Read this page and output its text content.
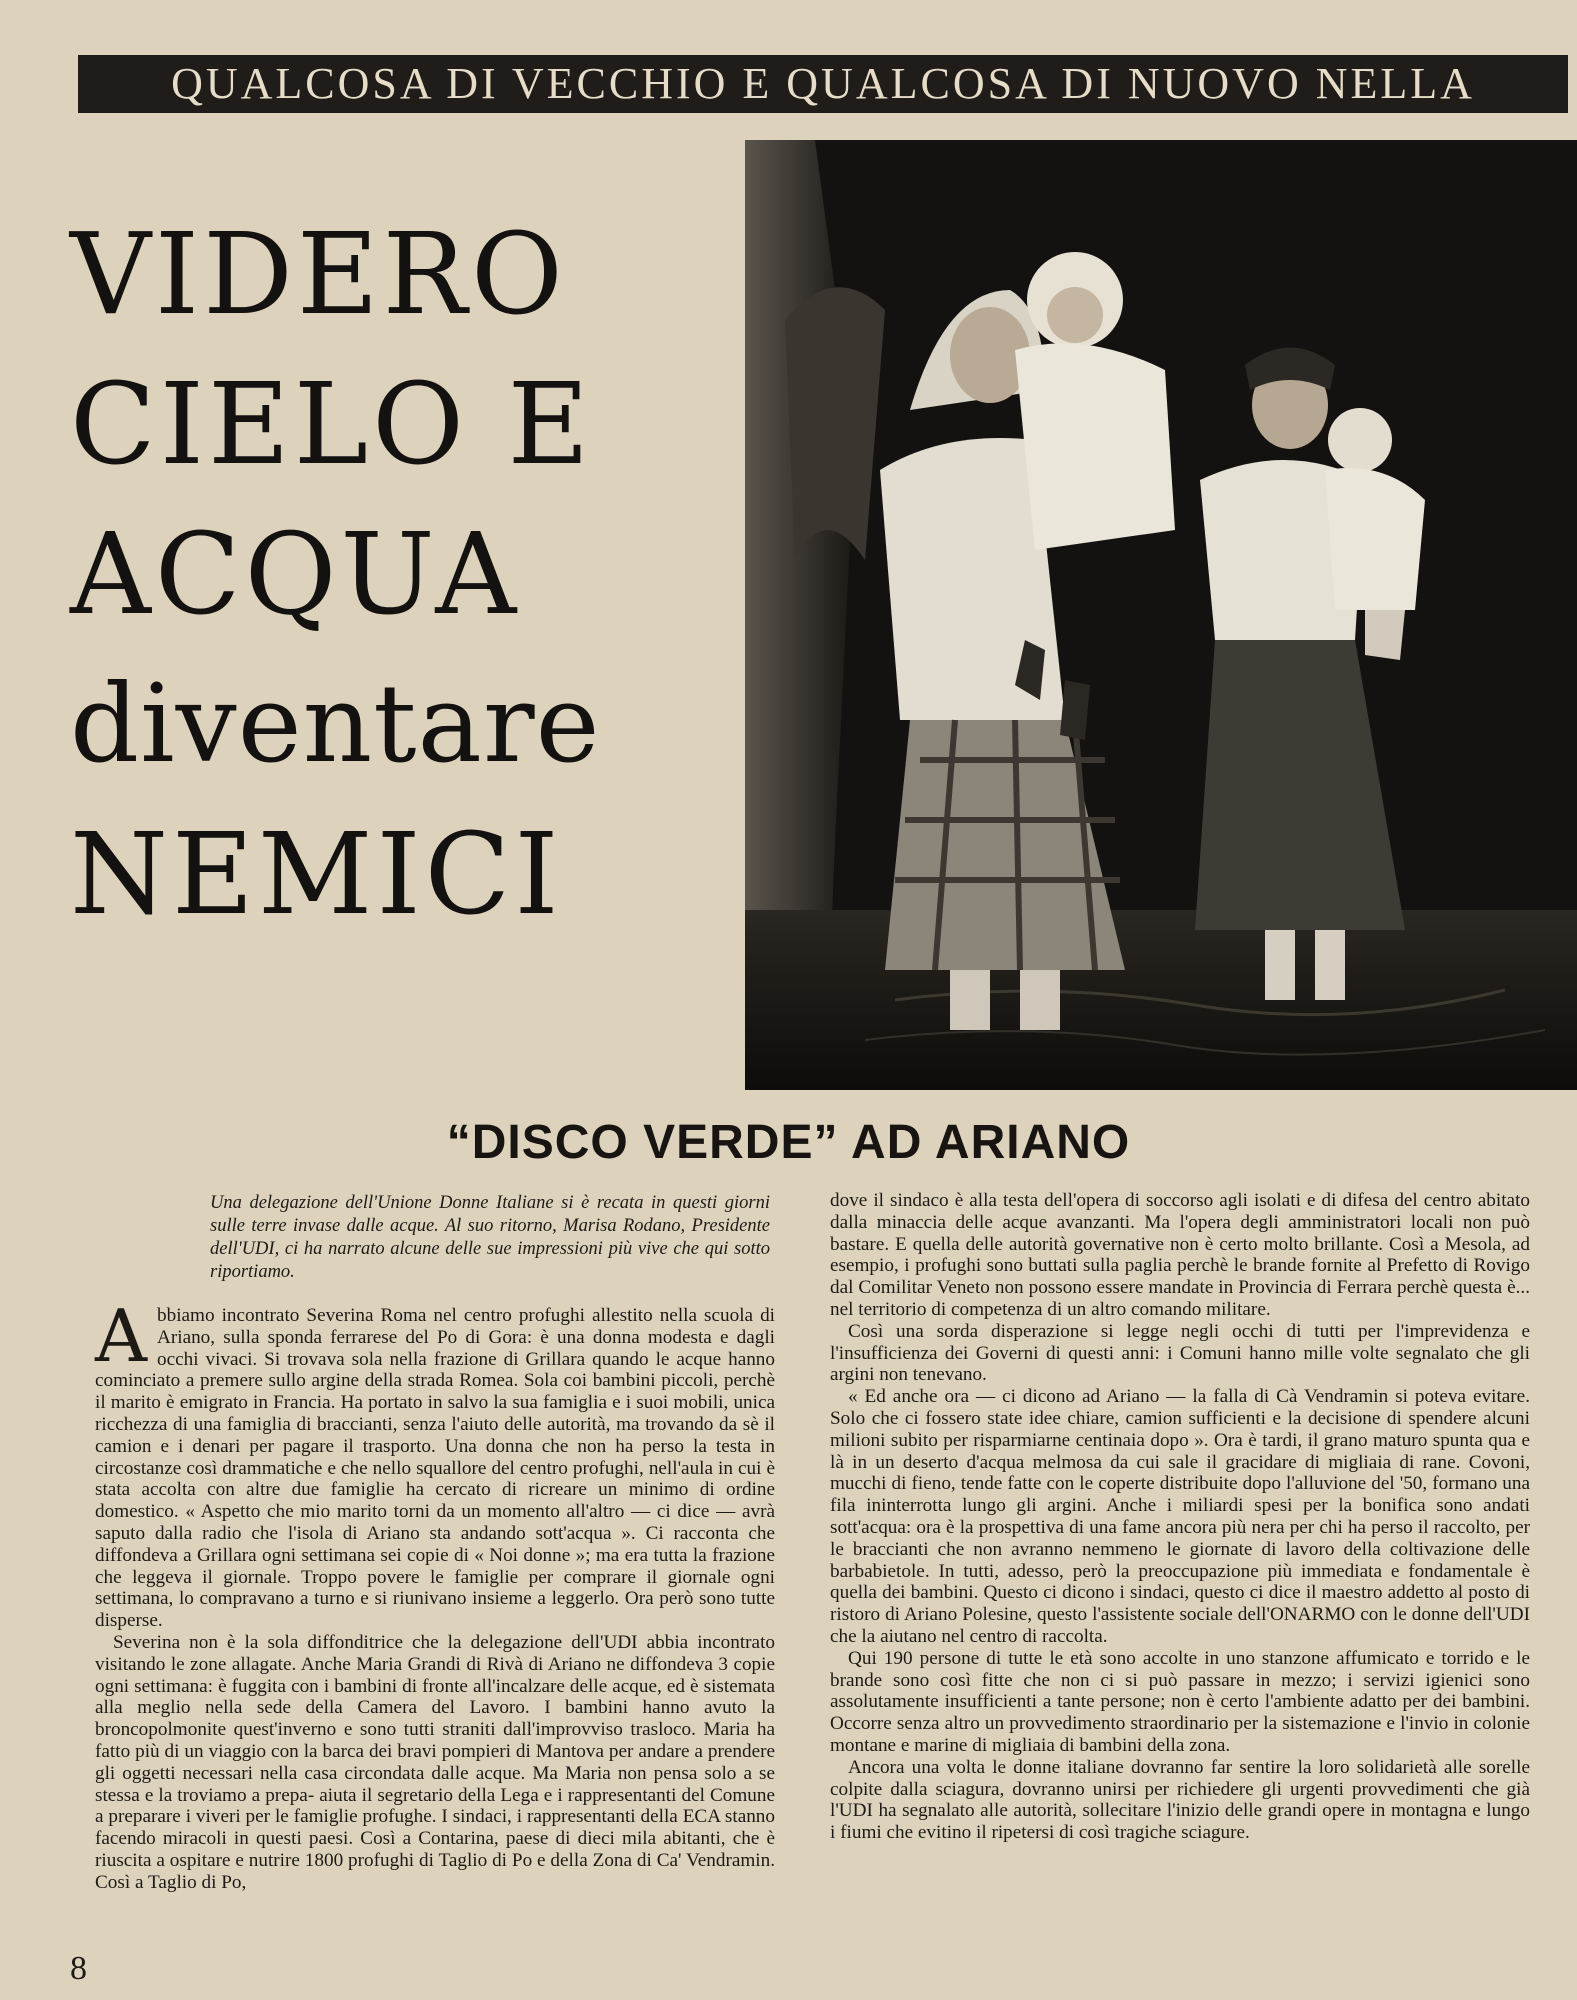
QUALCOSA DI VECCHIO E QUALCOSA DI NUOVO NELLA
VIDERO
CIELO E
ACQUA
diventare
NEMICI
“DISCO VERDE” AD ARIANO
Una delegazione dell'Unione Donne Italiane si è recata in questi giorni sulle terre invase dalle acque. Al suo ritorno, Marisa Rodano, Presidente dell'UDI, ci ha narrato alcune delle sue impressioni più vive che qui sotto riportiamo.

Abbiamo incontrato Severina Roma nel centro profughi allestito nella scuola di Ariano, sulla sponda ferrarese del Po di Gora: è una donna modesta e dagli occhi vivaci. Si trovava sola nella frazione di Grillara quando le acque hanno cominciato a premere sullo argine della strada Romea. Sola coi bambini piccoli, perchè il marito è emigrato in Francia. Ha portato in salvo la sua famiglia e i suoi mobili, unica ricchezza di una famiglia di braccianti, senza l'aiuto delle autorità, ma trovando da sè il camion e i denari per pagare il trasporto. Una donna che non ha perso la testa in circostanze così drammatiche e che nello squallore del centro profughi, nell'aula in cui è stata accolta con altre due famiglie ha cercato di ricreare un minimo di ordine domestico. « Aspetto che mio marito torni da un momento all'altro — ci dice — avrà saputo dalla radio che l'isola di Ariano sta andando sott'acqua ». Ci racconta che diffondeva a Grillara ogni settimana sei copie di « Noi donne »; ma era tutta la frazione che leggeva il giornale. Troppo povere le famiglie per comprare il giornale ogni settimana, lo compravano a turno e si riunivano insieme a leggerlo. Ora però sono tutte disperse.

Severina non è la sola diffonditrice che la delegazione dell'UDI abbia incontrato visitando le zone allagate. Anche Maria Grandi di Rivà di Ariano ne diffondeva 3 copie ogni settimana: è fuggita con i bambini di fronte all'incalzare delle acque, ed è sistemata alla meglio nella sede della Camera del Lavoro. I bambini hanno avuto la broncopolmonite quest'inverno e sono tutti straniti dall'improvviso trasloco. Maria ha fatto più di un viaggio con la barca dei bravi pompieri di Mantova per andare a prendere gli oggetti necessari nella casa circondata dalle acque. Ma Maria non pensa solo a se stessa e la troviamo a prepa- aiuta il segretario della Lega e i rappresentanti del Comune a preparare i viveri per le famiglie profughe. I sindaci, i rappresentanti della ECA stanno facendo miracoli in questi paesi. Così a Contarina, paese di dieci mila abitanti, che è riuscita a ospitare e nutrire 1800 profughi di Taglio di Po e della Zona di Ca' Vendramin. Così a Taglio di Po,

dove il sindaco è alla testa dell'opera di soccorso agli isolati e di difesa del centro abitato dalla minaccia delle acque avanzanti. Ma l'opera degli amministratori locali non può bastare. E quella delle autorità governative non è certo molto brillante. Così a Mesola, ad esempio, i profughi sono buttati sulla paglia perchè le brande fornite al Prefetto di Rovigo dal Comilitar Veneto non possono essere mandate in Provincia di Ferrara perchè questa è... nel territorio di competenza di un altro comando militare.

Così una sorda disperazione si legge negli occhi di tutti per l'imprevidenza e l'insufficienza dei Governi di questi anni: i Comuni hanno mille volte segnalato che gli argini non tenevano.

« Ed anche ora — ci dicono ad Ariano — la falla di Cà Vendramin si poteva evitare. Solo che ci fossero state idee chiare, camion sufficienti e la decisione di spendere alcuni milioni subito per risparmiarne centinaia dopo ». Ora è tardi, il grano maturo spunta qua e là in un deserto d'acqua melmosa da cui sale il gracidare di migliaia di rane. Covoni, mucchi di fieno, tende fatte con le coperte distribuite dopo l'alluvione del '50, formano una fila ininterrotta lungo gli argini. Anche i miliardi spesi per la bonifica sono andati sott'acqua: ora è la prospettiva di una fame ancora più nera per chi ha perso il raccolto, per le braccianti che non avranno nemmeno le giornate di lavoro della coltivazione delle barbabietole. In tutti, adesso, però la preoccupazione più immediata e fondamentale è quella dei bambini. Questo ci dicono i sindaci, questo ci dice il maestro addetto al posto di ristoro di Ariano Polesine, questo l'assistente sociale dell'ONARMO con le donne dell'UDI che la aiutano nel centro di raccolta.

Qui 190 persone di tutte le età sono accolte in uno stanzone affumicato e torrido e le brande sono così fitte che non ci si può passare in mezzo; i servizi igienici sono assolutamente insufficienti a tante persone; non è certo l'ambiente adatto per dei bambini. Occorre senza altro un provvedimento straordinario per la sistemazione e l'invio in colonie montane e marine di migliaia di bambini della zona.

Ancora una volta le donne italiane dovranno far sentire la loro solidarietà alle sorelle colpite dalla sciagura, dovranno unirsi per richiedere gli urgenti provvedimenti che già l'UDI ha segnalato alle autorità, sollecitare l'inizio delle grandi opere in montagna e lungo i fiumi che evitino il ripetersi di così tragiche sciagure.

8
